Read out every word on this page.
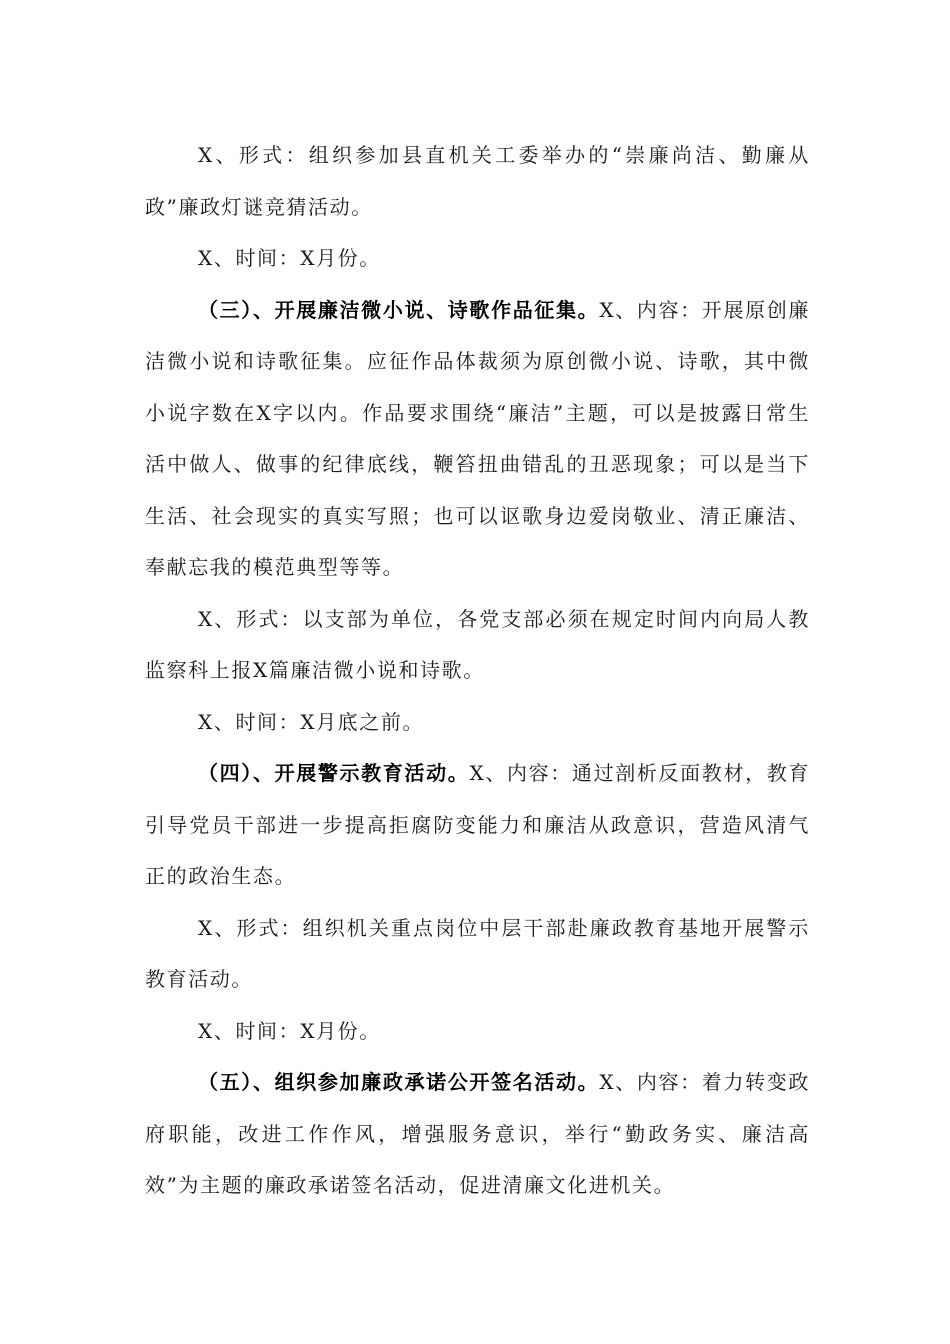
X、形式：组织参加县直机关工委举办的“崇廉尚洁、勤廉从政”廉政灯谜竞猜活动。

X、时间：X月份。

（三）、开展廉洁微小说、诗歌作品征集。X、内容：开展原创廉洁微小说和诗歌征集。应征作品体裁须为原创微小说、诗歌，其中微小说字数在X字以内。作品要求围绕“廉洁”主题，可以是披露日常生活中做人、做事的纪律底线，鞭笞扭曲错乱的丑恶现象；可以是当下生活、社会现实的真实写照；也可以讴歌身边爱岗敬业、清正廉洁、奉献忘我的模范典型等等。

X、形式：以支部为单位，各党支部必须在规定时间内向局人教监察科上报X篇廉洁微小说和诗歌。

X、时间：X月底之前。

（四）、开展警示教育活动。X、内容：通过剖析反面教材，教育引导党员干部进一步提高拒腐防变能力和廉洁从政意识，营造风清气正的政治生态。

X、形式：组织机关重点岗位中层干部赴廉政教育基地开展警示教育活动。

X、时间：X月份。

（五）、组织参加廉政承诺公开签名活动。X、内容：着力转变政府职能，改进工作作风，增强服务意识，举行“勤政务实、廉洁高效”为主题的廉政承诺签名活动，促进清廉文化进机关。
